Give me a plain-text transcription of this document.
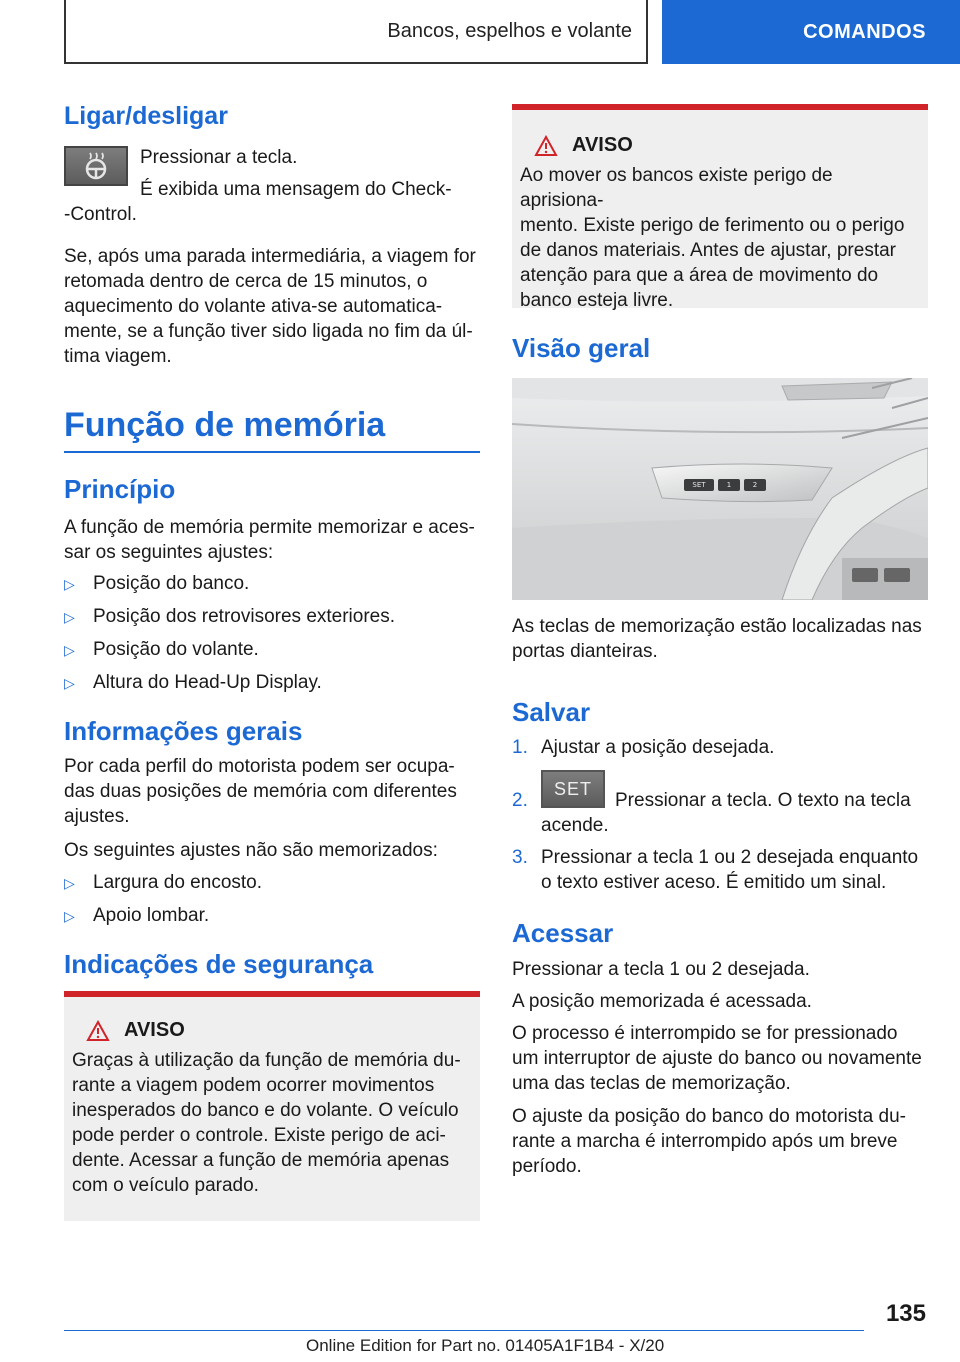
Bancos, espelhos e volante	COMANDOS
Ligar/desligar

Pressionar a tecla.

É exibida uma mensagem do Check-

-Control.

Se, após uma parada intermediária, a viagem for

retomada dentro de cerca de 15 minutos, o

aquecimento do volante ativa-se automatica-

mente, se a função tiver sido ligada no fim da úl-

tima viagem.

Função de memória
Princípio

A função de memória permite memorizar e aces-

sar os seguintes ajustes:

▷ Posição do banco.
▷ Posição dos retrovisores exteriores.
▷ Posição do volante.
▷ Altura do Head-Up Display.
Informações gerais

Por cada perfil do motorista podem ser ocupa-

das duas posições de memória com diferentes

ajustes.

Os seguintes ajustes não são memorizados:

▷ Largura do encosto.
▷ Apoio lombar.
Indicações de segurança
AVISO

Graças à utilização da função de memória du-

rante a viagem podem ocorrer movimentos

inesperados do banco e do volante. O veículo

pode perder o controle. Existe perigo de aci-

dente. Acessar a função de memória apenas

com o veículo parado.

AVISO

Ao mover os bancos existe perigo de aprisiona-

mento. Existe perigo de ferimento ou o perigo

de danos materiais. Antes de ajustar, prestar

atenção para que a área de movimento do

banco esteja livre.

Visão geral
SET	1	2

As teclas de memorização estão localizadas nas

portas dianteiras.

Salvar
1. Ajustar a posição desejada.
2.
SET

Pressionar a tecla. O texto na tecla

acende.

3. Pressionar a tecla 1 ou 2 desejada enquanto
o texto estiver aceso. É emitido um sinal.
Acessar

Pressionar a tecla 1 ou 2 desejada.

A posição memorizada é acessada.

O processo é interrompido se for pressionado

um interruptor de ajuste do banco ou novamente

uma das teclas de memorização.

O ajuste da posição do banco do motorista du-

rante a marcha é interrompido após um breve

período.

135
Online Edition for Part no. 01405A1F1B4 - X/20
